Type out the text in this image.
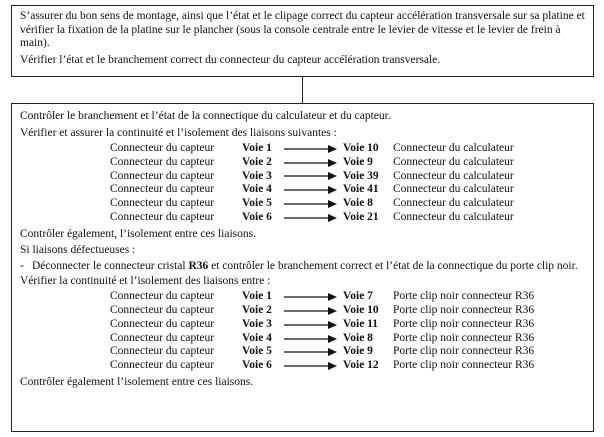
S’assurer du bon sens de montage, ainsi que l’état et le clipage correct du capteur accélération transversale sur sa platine et vérifier la fixation de la platine sur le plancher (sous la console centrale entre le levier de vitesse et le levier de frein à main).

Vérifier l’état et le branchement correct du connecteur du capteur accélération transversale.

Contrôler le branchement et l’état de la connectique du calculateur et du capteur.

Vérifier et assurer la continuité et l’isolement des liaisons suivantes :

Connecteur du capteur	Voie 1	Voie 10	Connecteur du calculateur
Connecteur du capteur	Voie 2	Voie 9	Connecteur du calculateur
Connecteur du capteur	Voie 3	Voie 39	Connecteur du calculateur
Connecteur du capteur	Voie 4	Voie 41	Connecteur du calculateur
Connecteur du capteur	Voie 5	Voie 8	Connecteur du calculateur
Connecteur du capteur	Voie 6	Voie 21	Connecteur du calculateur

Contrôler également, l’isolement entre ces liaisons.

Si liaisons défectueuses :

- Déconnecter le connecteur cristal R36 et contrôler le branchement correct et l’état de la connectique du porte clip noir.

Vérifier la continuité et l’isolement des liaisons entre :

Connecteur du capteur	Voie 1	Voie 7	Porte clip noir connecteur R36
Connecteur du capteur	Voie 2	Voie 10	Porte clip noir connecteur R36
Connecteur du capteur	Voie 3	Voie 11	Porte clip noir connecteur R36
Connecteur du capteur	Voie 4	Voie 8	Porte clip noir connecteur R36
Connecteur du capteur	Voie 5	Voie 9	Porte clip noir connecteur R36
Connecteur du capteur	Voie 6	Voie 12	Porte clip noir connecteur R36

Contrôler également l’isolement entre ces liaisons.
